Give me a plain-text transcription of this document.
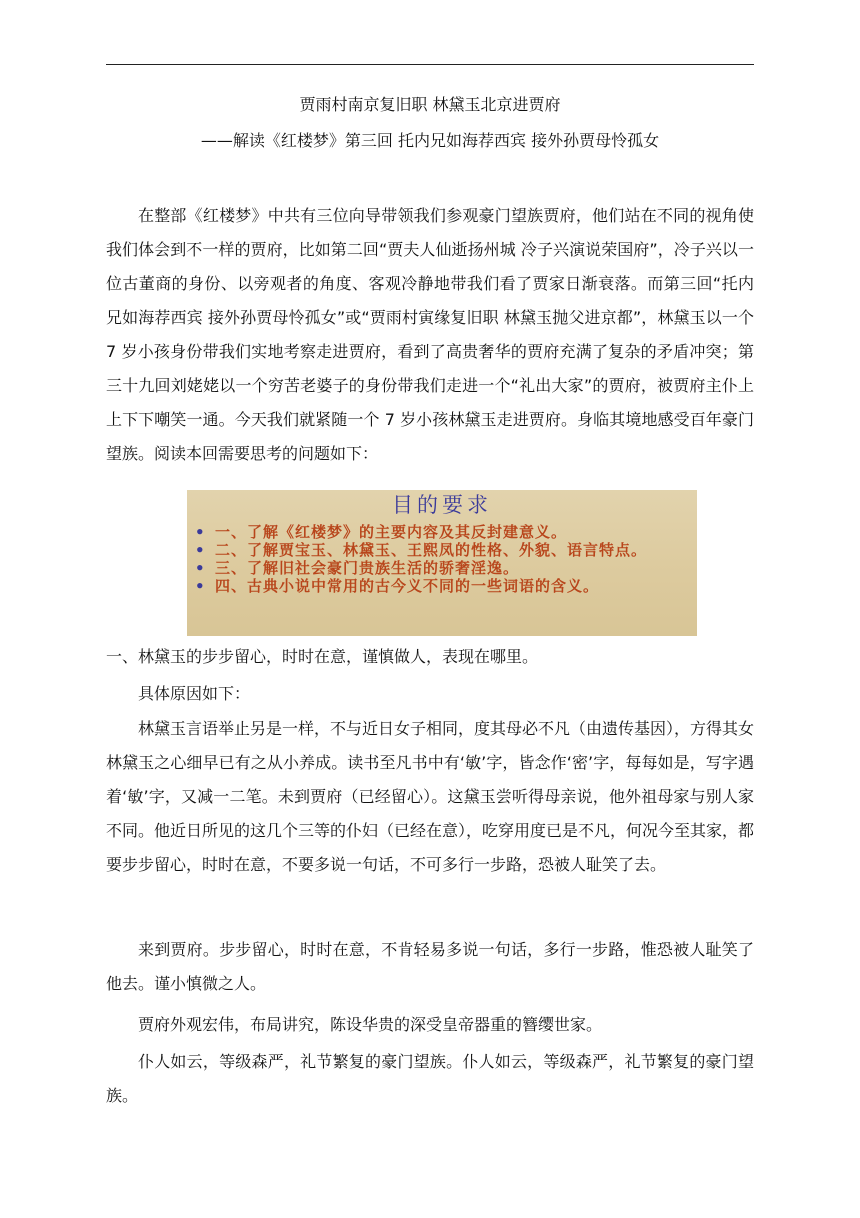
贾雨村南京复旧职 林黛玉北京进贾府
——解读《红楼梦》第三回 托内兄如海荐西宾 接外孙贾母怜孤女

在整部《红楼梦》中共有三位向导带领我们参观豪门望族贾府，他们站在不同的视角使我们体会到不一样的贾府，比如第二回“贾夫人仙逝扬州城 冷子兴演说荣国府”，冷子兴以一位古董商的身份、以旁观者的角度、客观冷静地带我们看了贾家日渐衰落。而第三回“托内兄如海荐西宾 接外孙贾母怜孤女”或“贾雨村寅缘复旧职 林黛玉抛父进京都”，林黛玉以一个 7 岁小孩身份带我们实地考察走进贾府，看到了高贵奢华的贾府充满了复杂的矛盾冲突；第三十九回刘姥姥以一个穷苦老婆子的身份带我们走进一个“礼出大家”的贾府，被贾府主仆上上下下嘲笑一通。今天我们就紧随一个 7 岁小孩林黛玉走进贾府。身临其境地感受百年豪门望族。阅读本回需要思考的问题如下：

目的要求
• 一、了解《红楼梦》的主要内容及其反封建意义。
• 二、了解贾宝玉、林黛玉、王熙凤的性格、外貌、语言特点。
• 三、了解旧社会豪门贵族生活的骄奢淫逸。
• 四、古典小说中常用的古今义不同的一些词语的含义。

一、林黛玉的步步留心，时时在意，谨慎做人，表现在哪里。

具体原因如下：

林黛玉言语举止另是一样，不与近日女子相同，度其母必不凡（由遗传基因），方得其女林黛玉之心细早已有之从小养成。读书至凡书中有‘敏’字，皆念作‘密’字，每每如是，写字遇着‘敏’字，又减一二笔。未到贾府（已经留心）。这黛玉尝听得母亲说，他外祖母家与别人家不同。他近日所见的这几个三等的仆妇（已经在意），吃穿用度已是不凡，何况今至其家，都要步步留心，时时在意，不要多说一句话，不可多行一步路，恐被人耻笑了去。

来到贾府。步步留心，时时在意，不肯轻易多说一句话，多行一步路，惟恐被人耻笑了他去。谨小慎微之人。

贾府外观宏伟，布局讲究，陈设华贵的深受皇帝器重的簪缨世家。

仆人如云，等级森严，礼节繁复的豪门望族。仆人如云，等级森严，礼节繁复的豪门望族。
